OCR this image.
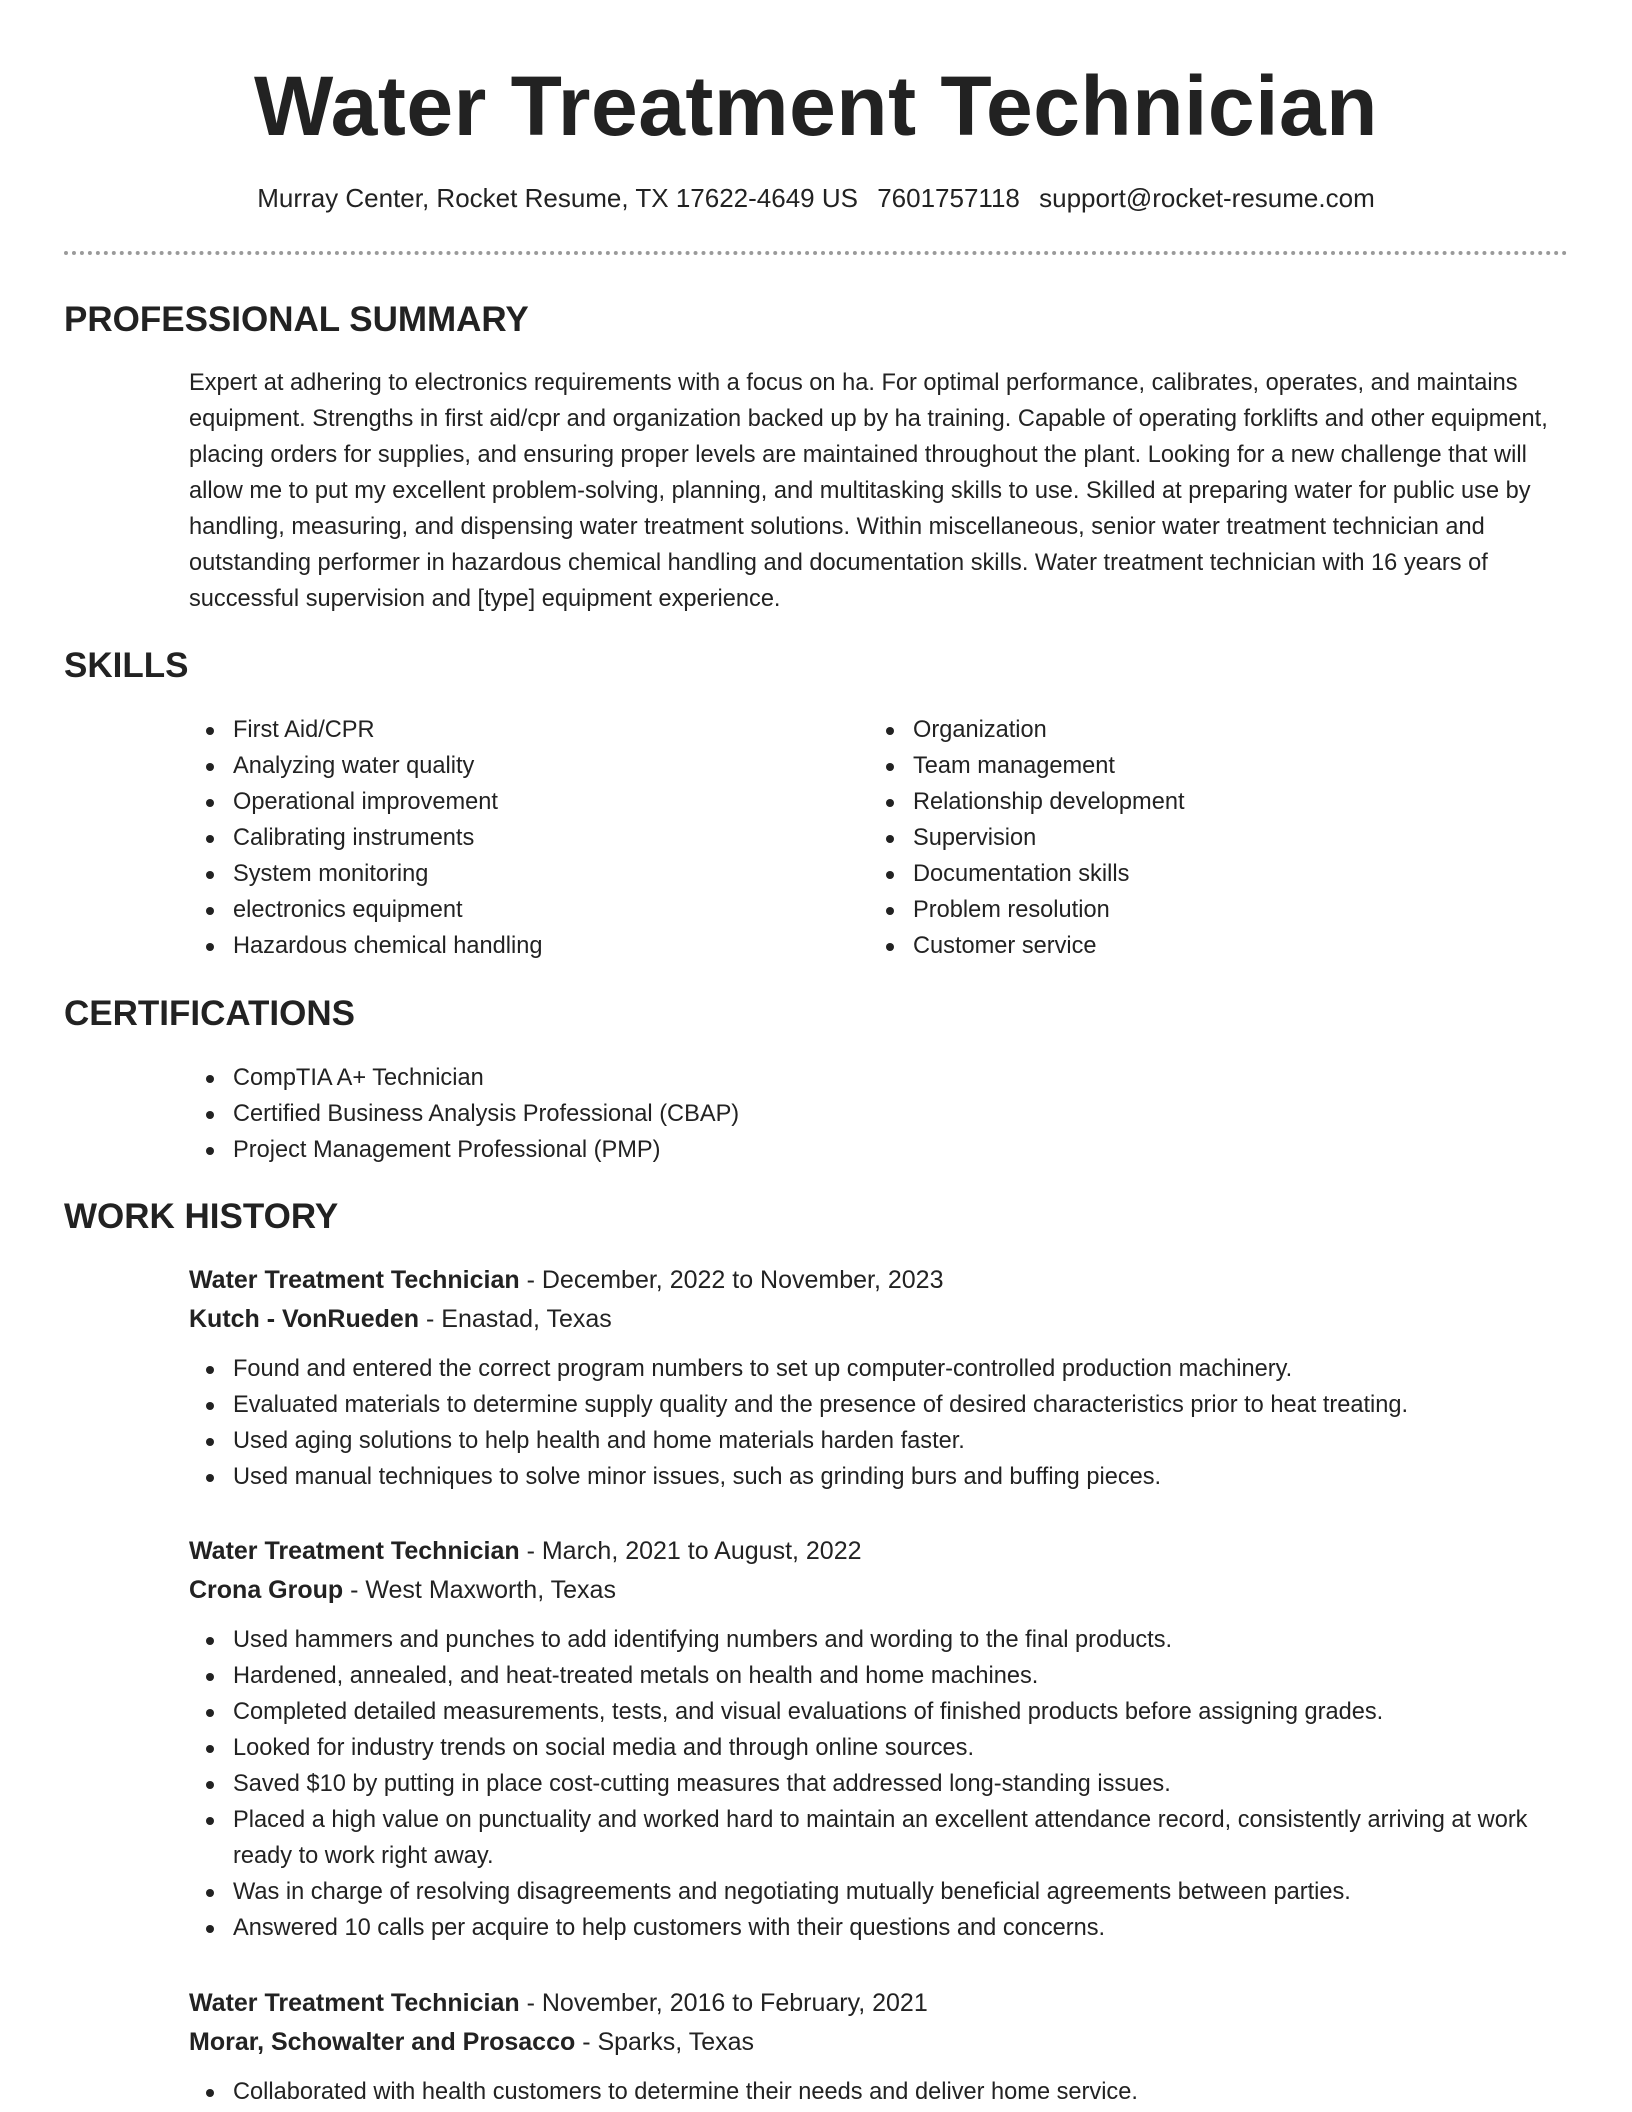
Water Treatment Technician
Murray Center, Rocket Resume, TX 17622-4649 US 7601757118 support@rocket-resume.com
PROFESSIONAL SUMMARY

Expert at adhering to electronics requirements with a focus on ha. For optimal performance, calibrates, operates, and maintains equipment. Strengths in first aid/cpr and organization backed up by ha training. Capable of operating forklifts and other equipment, placing orders for supplies, and ensuring proper levels are maintained throughout the plant. Looking for a new challenge that will allow me to put my excellent problem-solving, planning, and multitasking skills to use. Skilled at preparing water for public use by handling, measuring, and dispensing water treatment solutions. Within miscellaneous, senior water treatment technician and outstanding performer in hazardous chemical handling and documentation skills. Water treatment technician with 16 years of successful supervision and [type] equipment experience.

SKILLS
First Aid/CPR
Analyzing water quality
Operational improvement
Calibrating instruments
System monitoring
electronics equipment
Hazardous chemical handling
Organization
Team management
Relationship development
Supervision
Documentation skills
Problem resolution
Customer service
CERTIFICATIONS
CompTIA A+ Technician
Certified Business Analysis Professional (CBAP)
Project Management Professional (PMP)
WORK HISTORY
Water Treatment Technician - December, 2022 to November, 2023
Kutch - VonRueden - Enastad, Texas
Found and entered the correct program numbers to set up computer-controlled production machinery.
Evaluated materials to determine supply quality and the presence of desired characteristics prior to heat treating.
Used aging solutions to help health and home materials harden faster.
Used manual techniques to solve minor issues, such as grinding burs and buffing pieces.
Water Treatment Technician - March, 2021 to August, 2022
Crona Group - West Maxworth, Texas
Used hammers and punches to add identifying numbers and wording to the final products.
Hardened, annealed, and heat-treated metals on health and home machines.
Completed detailed measurements, tests, and visual evaluations of finished products before assigning grades.
Looked for industry trends on social media and through online sources.
Saved $10 by putting in place cost-cutting measures that addressed long-standing issues.
Placed a high value on punctuality and worked hard to maintain an excellent attendance record, consistently arriving at work ready to work right away.
Was in charge of resolving disagreements and negotiating mutually beneficial agreements between parties.
Answered 10 calls per acquire to help customers with their questions and concerns.
Water Treatment Technician - November, 2016 to February, 2021
Morar, Schowalter and Prosacco - Sparks, Texas
Collaborated with health customers to determine their needs and deliver home service.
